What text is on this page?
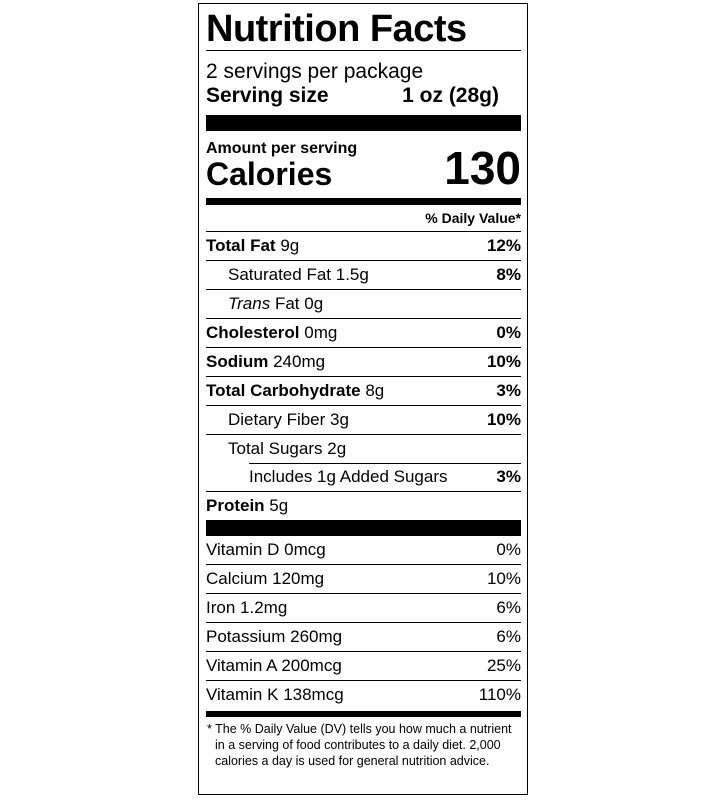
Nutrition Facts
2 servings per package
Serving size	1 oz (28g)
Amount per serving
Calories 130
% Daily Value*
Total Fat 9g	12%
Saturated Fat 1.5g	8%
Trans Fat 0g
Cholesterol 0mg	0%
Sodium 240mg	10%
Total Carbohydrate 8g	3%
Dietary Fiber 3g	10%
Total Sugars 2g
Includes 1g Added Sugars	3%
Protein 5g
Vitamin D 0mcg	0%
Calcium 120mg	10%
Iron 1.2mg	6%
Potassium 260mg	6%
Vitamin A 200mcg	25%
Vitamin K 138mcg	110%
* The % Daily Value (DV) tells you how much a nutrient in a serving of food contributes to a daily diet. 2,000 calories a day is used for general nutrition advice.
